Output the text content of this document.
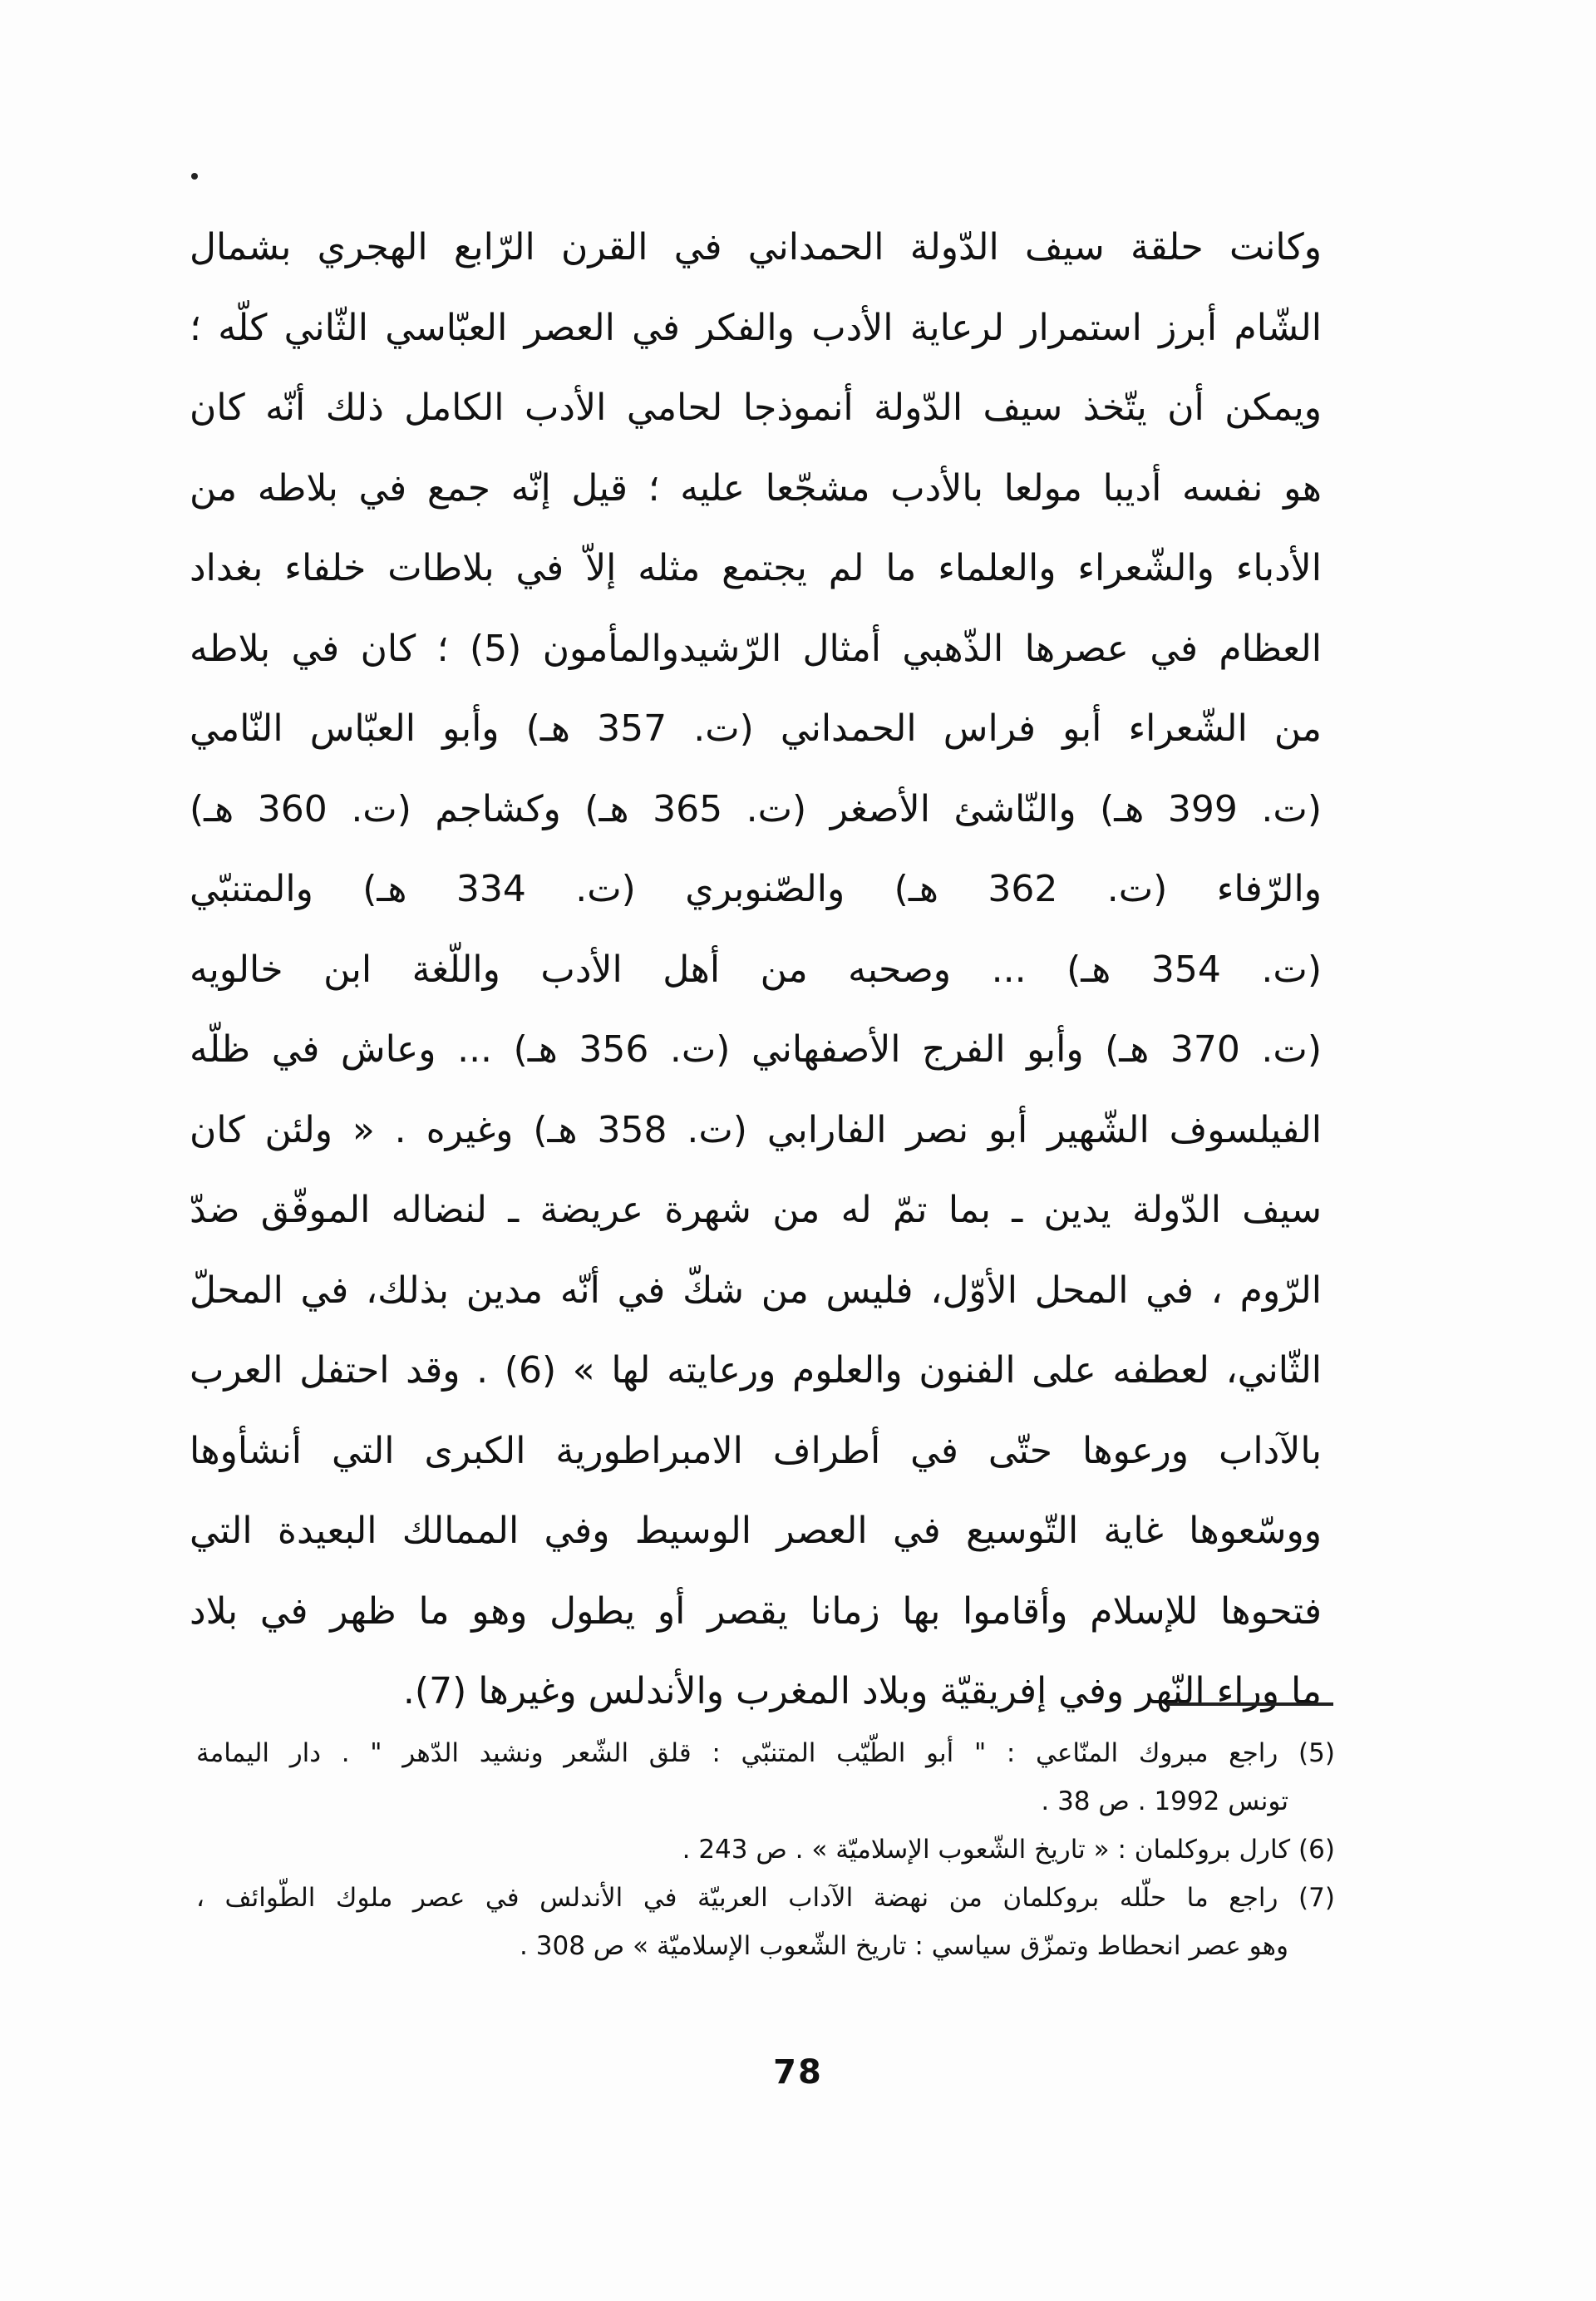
وكانت حلقة سيف الدّولة الحمداني في القرن الرّابع الهجري بشمال
الشّام أبرز استمرار لرعاية الأدب والفكر في العصر العبّاسي الثّاني كلّه ؛
ويمكن أن يتّخذ سيف الدّولة أنموذجا لحامي الأدب الكامل ذلك أنّه كان
هو نفسه أديبا مولعا بالأدب مشجّعا عليه ؛ قيل إنّه جمع في بلاطه من
الأدباء والشّعراء والعلماء ما لم يجتمع مثله إلاّ في بلاطات خلفاء بغداد
العظام في عصرها الذّهبي أمثال الرّشيدوالمأمون (5) ؛ كان في بلاطه
من الشّعراء أبو فراس الحمداني (ت. 357 هـ) وأبو العبّاس النّامي
(ت. 399 هـ) والنّاشئ الأصغر (ت. 365 هـ) وكشاجم (ت. 360 هـ)
والرّفاء (ت. 362 هـ) والصّنوبري (ت. 334 هـ) والمتنبّي
(ت. 354 هـ) ... وصحبه من أهل الأدب واللّغة ابن خالويه
(ت. 370 هـ) وأبو الفرج الأصفهاني (ت. 356 هـ) ... وعاش في ظلّه
الفيلسوف الشّهير أبو نصر الفارابي (ت. 358 هـ) وغيره . « ولئن كان
سيف الدّولة يدين ـ بما تمّ له من شهرة عريضة ـ لنضاله الموفّق ضدّ
الرّوم ، في المحل الأوّل، فليس من شكّ في أنّه مدين بذلك، في المحلّ
الثّاني، لعطفه على الفنون والعلوم ورعايته لها » (6) . وقد احتفل العرب
بالآداب ورعوها حتّى في أطراف الامبراطورية الكبرى التي أنشأوها
ووسّعوها غاية التّوسيع في العصر الوسيط وفي الممالك البعيدة التي
فتحوها للإسلام وأقاموا بها زمانا يقصر أو يطول وهو ما ظهر في بلاد
ما وراء النّهر وفي إفريقيّة وبلاد المغرب والأندلس وغيرها (7).
(5) راجع مبروك المنّاعي : " أبو الطّيّب المتنبّي : قلق الشّعر ونشيد الدّهر " . دار اليمامة
تونس 1992 . ص 38 .
(6) كارل بروكلمان : « تاريخ الشّعوب الإسلاميّة » . ص 243 .
(7) راجع ما حلّله بروكلمان من نهضة الآداب العربيّة في الأندلس في عصر ملوك الطّوائف ،
وهو عصر انحطاط وتمزّق سياسي : تاريخ الشّعوب الإسلاميّة » ص 308 .
78
